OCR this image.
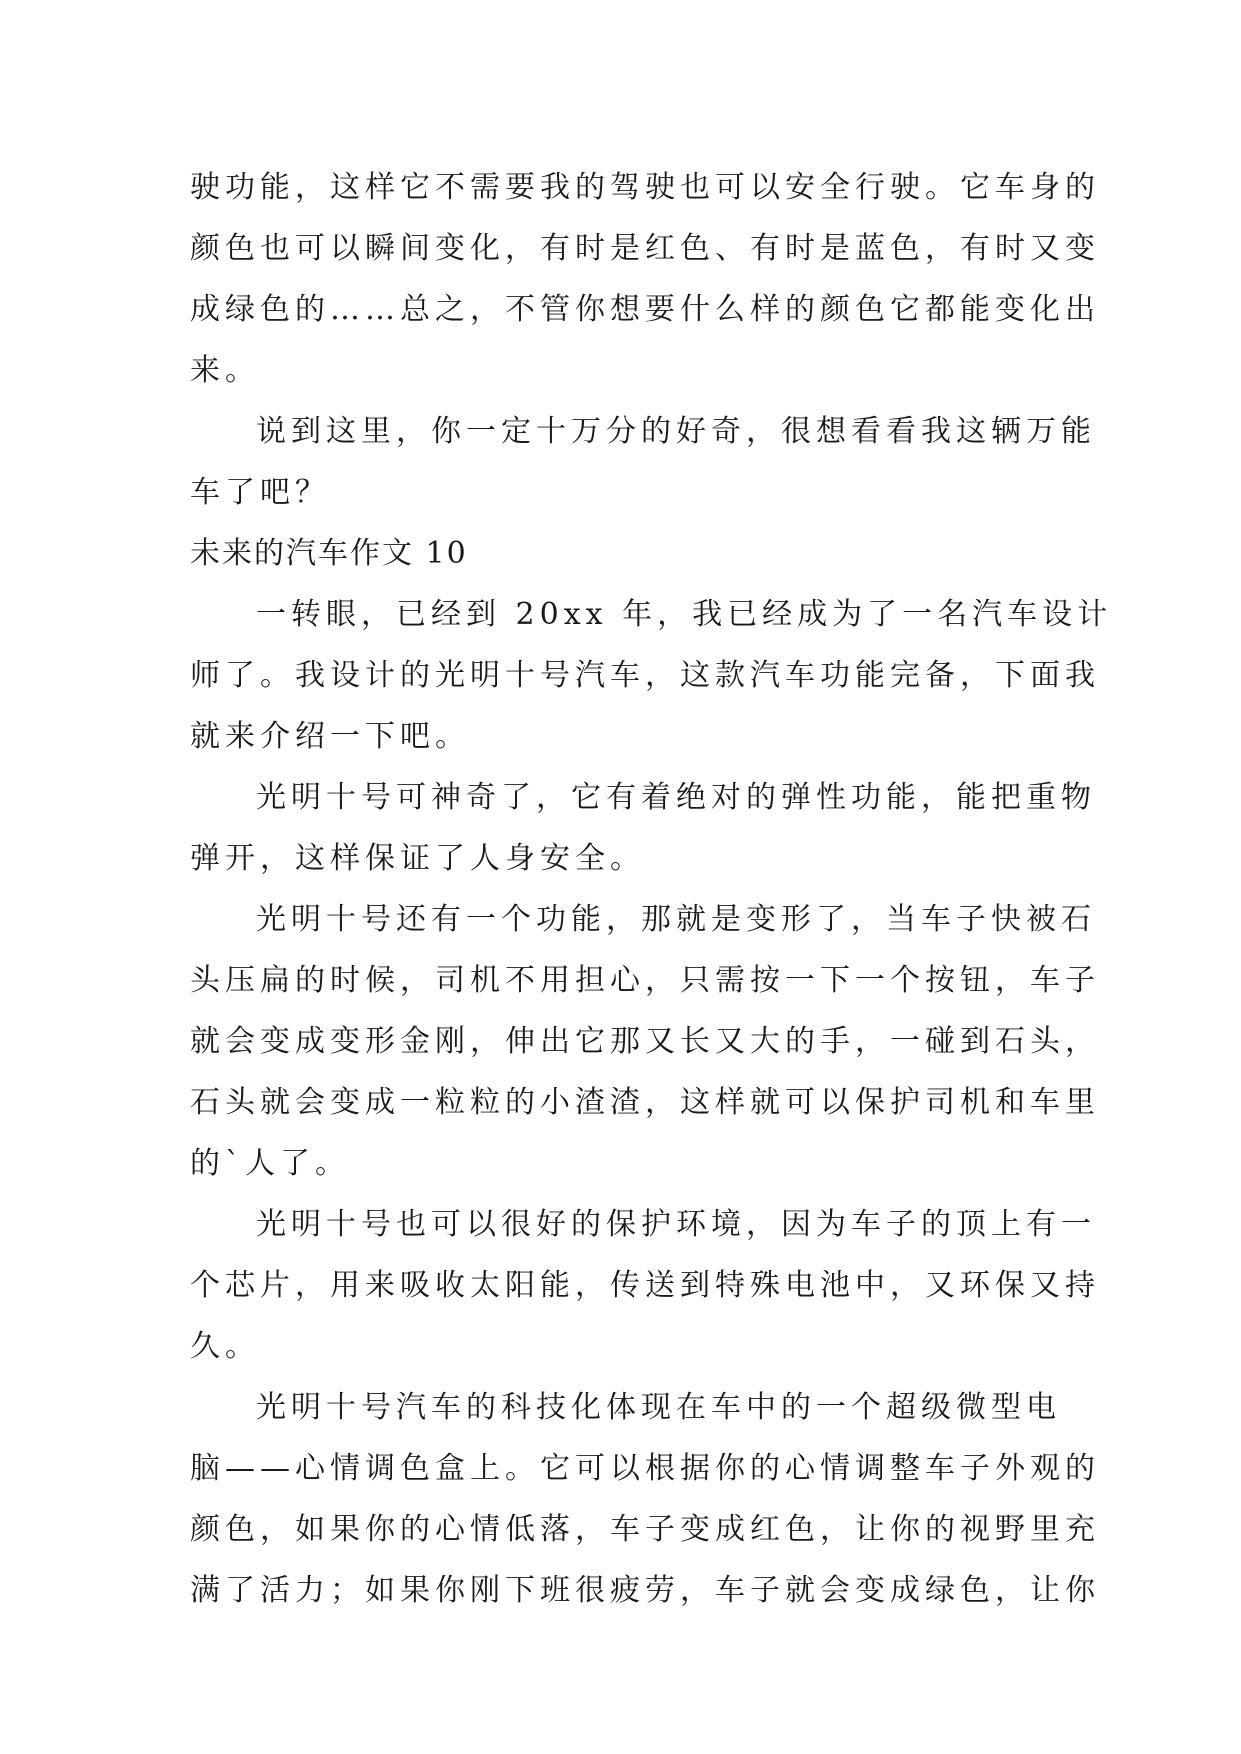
驶功能，这样它不需要我的驾驶也可以安全行驶。它车身的
颜色也可以瞬间变化，有时是红色、有时是蓝色，有时又变
成绿色的……总之，不管你想要什么样的颜色它都能变化出
来。
说到这里，你一定十万分的好奇，很想看看我这辆万能
车了吧？
未来的汽车作文 10
一转眼，已经到 20xx 年，我已经成为了一名汽车设计
师了。我设计的光明十号汽车，这款汽车功能完备，下面我
就来介绍一下吧。
光明十号可神奇了，它有着绝对的弹性功能，能把重物
弹开，这样保证了人身安全。
光明十号还有一个功能，那就是变形了，当车子快被石
头压扁的时候，司机不用担心，只需按一下一个按钮，车子
就会变成变形金刚，伸出它那又长又大的手，一碰到石头，
石头就会变成一粒粒的小渣渣，这样就可以保护司机和车里
的`人了。
光明十号也可以很好的保护环境，因为车子的顶上有一
个芯片，用来吸收太阳能，传送到特殊电池中，又环保又持
久。
光明十号汽车的科技化体现在车中的一个超级微型电
脑——心情调色盒上。它可以根据你的心情调整车子外观的
颜色，如果你的心情低落，车子变成红色，让你的视野里充
满了活力；如果你刚下班很疲劳，车子就会变成绿色，让你
